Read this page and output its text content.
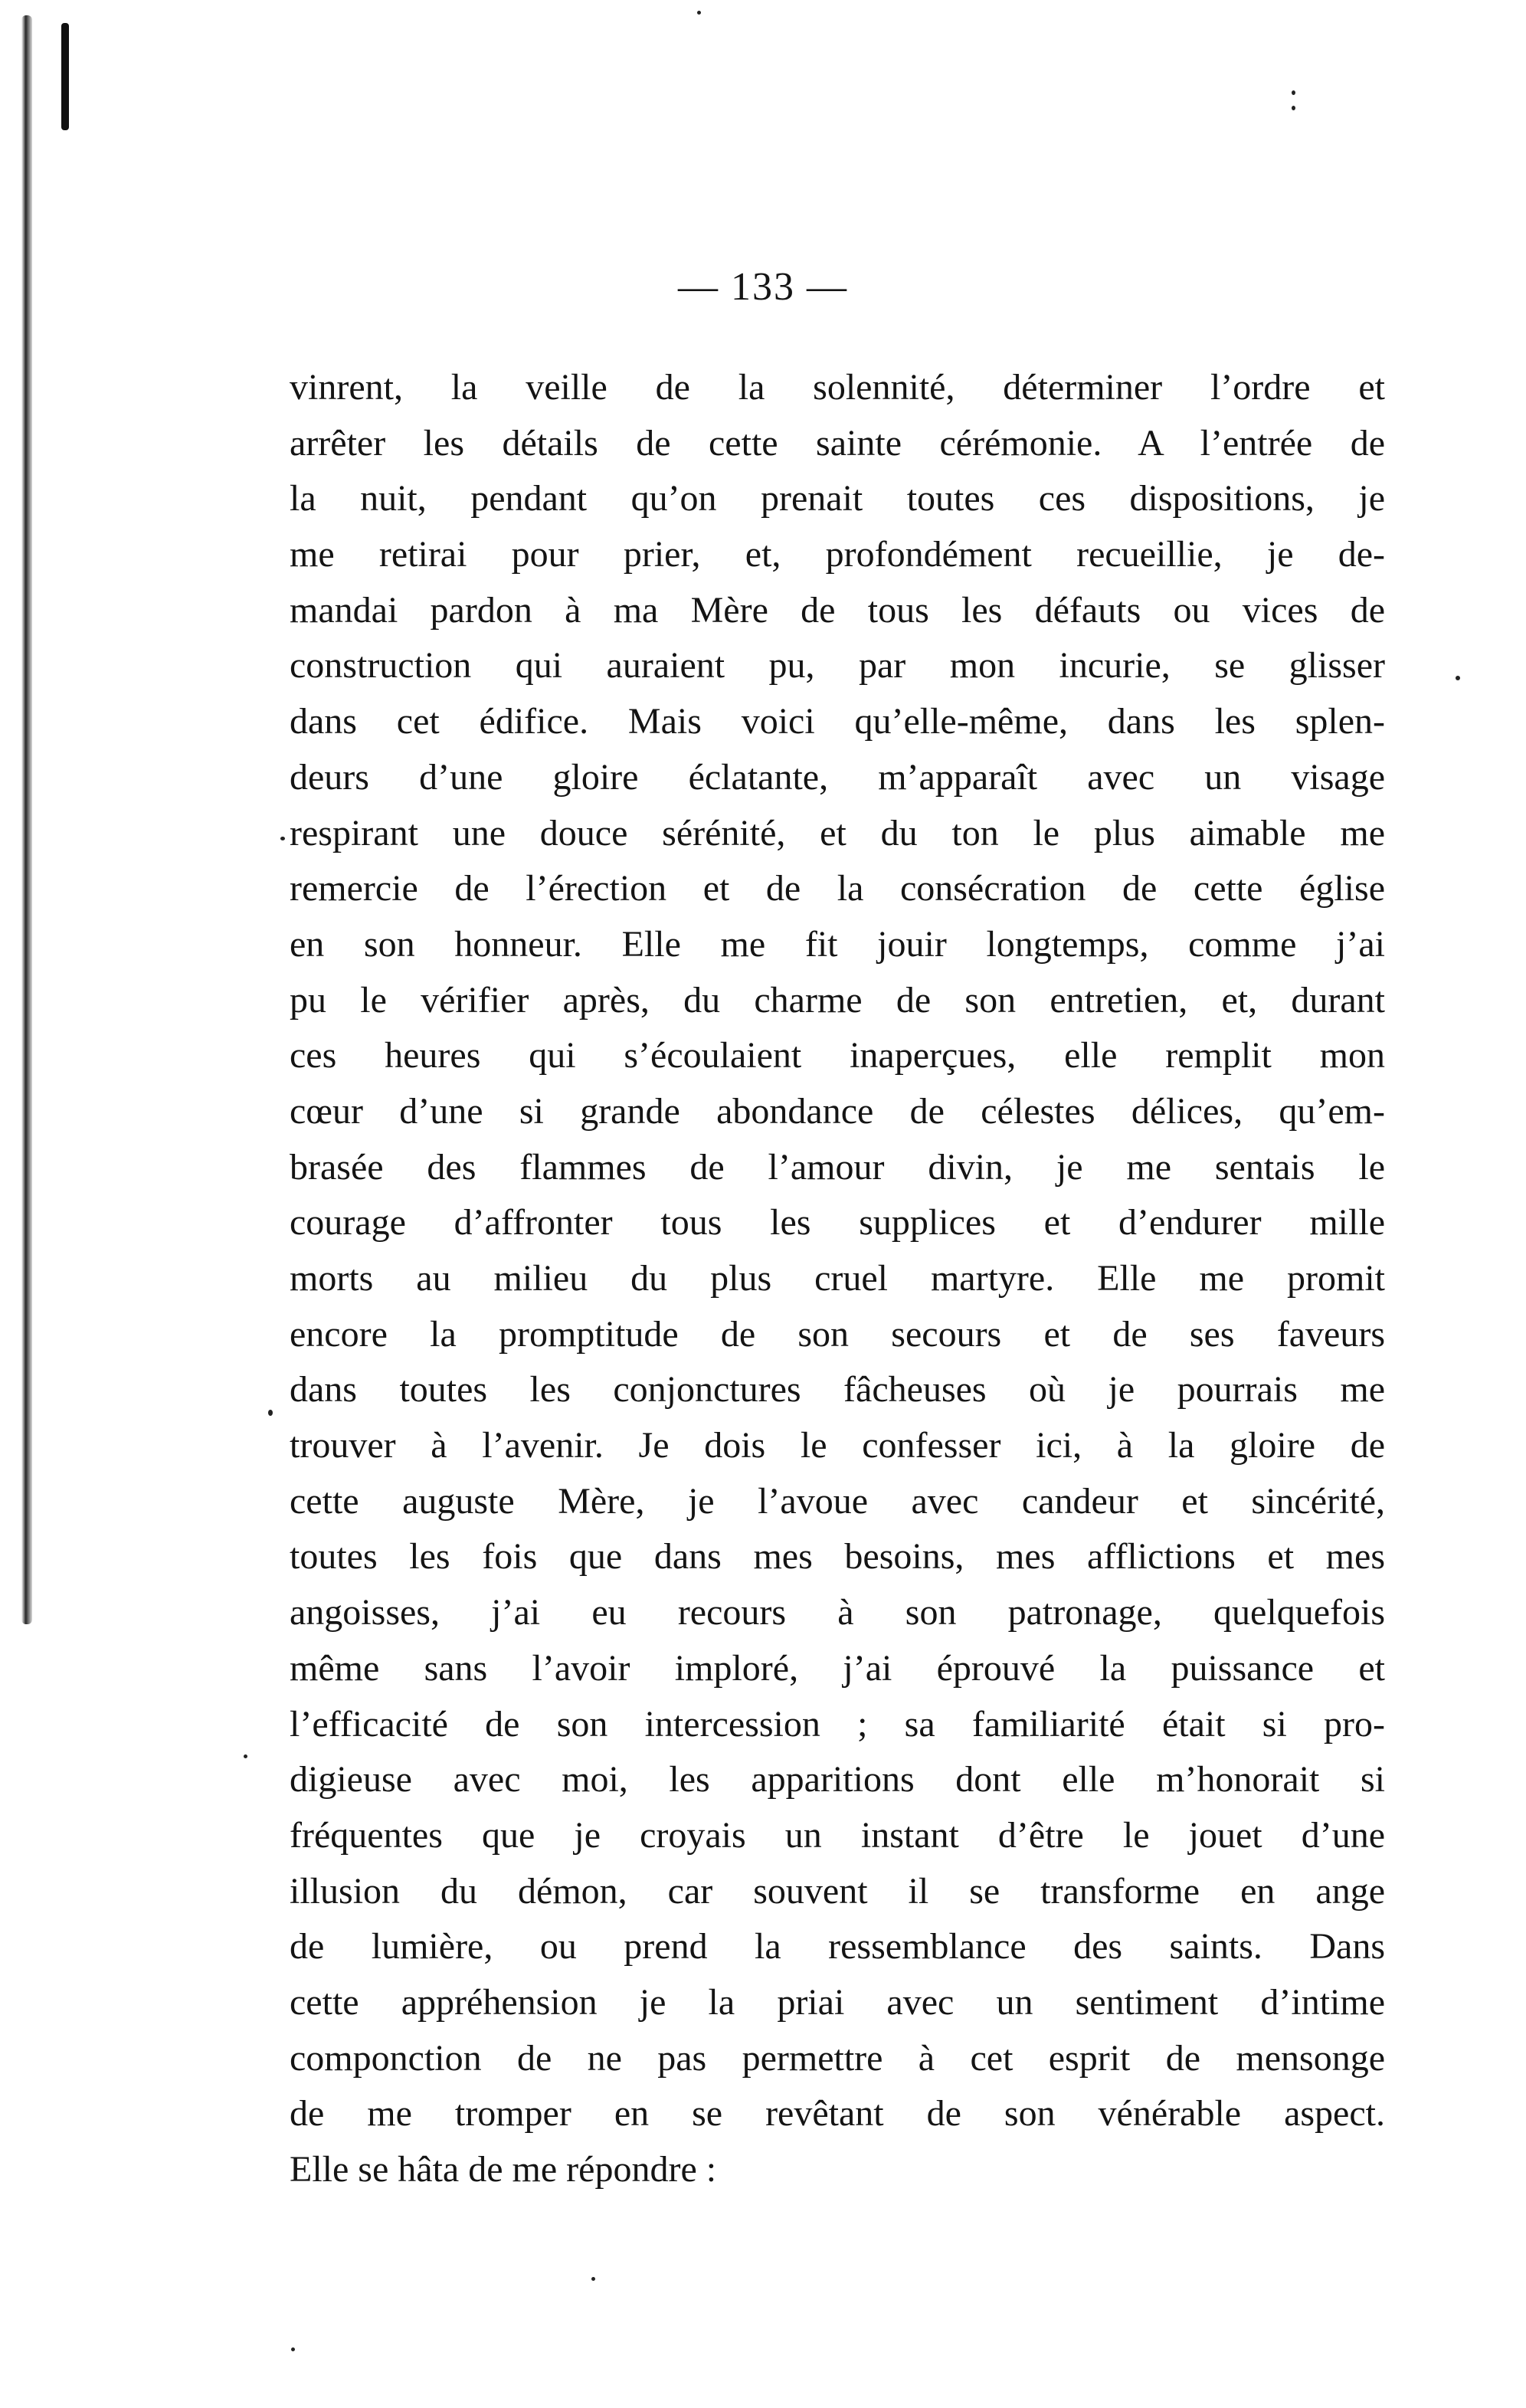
— 133 —
vinrent, la veille de la solennité, déterminer l’ordre et
arrêter les détails de cette sainte cérémonie. A l’entrée de
la nuit, pendant qu’on prenait toutes ces dispositions, je
me retirai pour prier, et, profondément recueillie, je de-
mandai pardon à ma Mère de tous les défauts ou vices de
construction qui auraient pu, par mon incurie, se glisser
dans cet édifice. Mais voici qu’elle-même, dans les splen-
deurs d’une gloire éclatante, m’apparaît avec un visage
respirant une douce sérénité, et du ton le plus aimable me
remercie de l’érection et de la consécration de cette église
en son honneur. Elle me fit jouir longtemps, comme j’ai
pu le vérifier après, du charme de son entretien, et, durant
ces heures qui s’écoulaient inaperçues, elle remplit mon
cœur d’une si grande abondance de célestes délices, qu’em-
brasée des flammes de l’amour divin, je me sentais le
courage d’affronter tous les supplices et d’endurer mille
morts au milieu du plus cruel martyre. Elle me promit
encore la promptitude de son secours et de ses faveurs
dans toutes les conjonctures fâcheuses où je pourrais me
trouver à l’avenir. Je dois le confesser ici, à la gloire de
cette auguste Mère, je l’avoue avec candeur et sincérité,
toutes les fois que dans mes besoins, mes afflictions et mes
angoisses, j’ai eu recours à son patronage, quelquefois
même sans l’avoir imploré, j’ai éprouvé la puissance et
l’efficacité de son intercession ; sa familiarité était si pro-
digieuse avec moi, les apparitions dont elle m’honorait si
fréquentes que je croyais un instant d’être le jouet d’une
illusion du démon, car souvent il se transforme en ange
de lumière, ou prend la ressemblance des saints. Dans
cette appréhension je la priai avec un sentiment d’intime
componction de ne pas permettre à cet esprit de mensonge
de me tromper en se revêtant de son vénérable aspect.
Elle se hâta de me répondre :
